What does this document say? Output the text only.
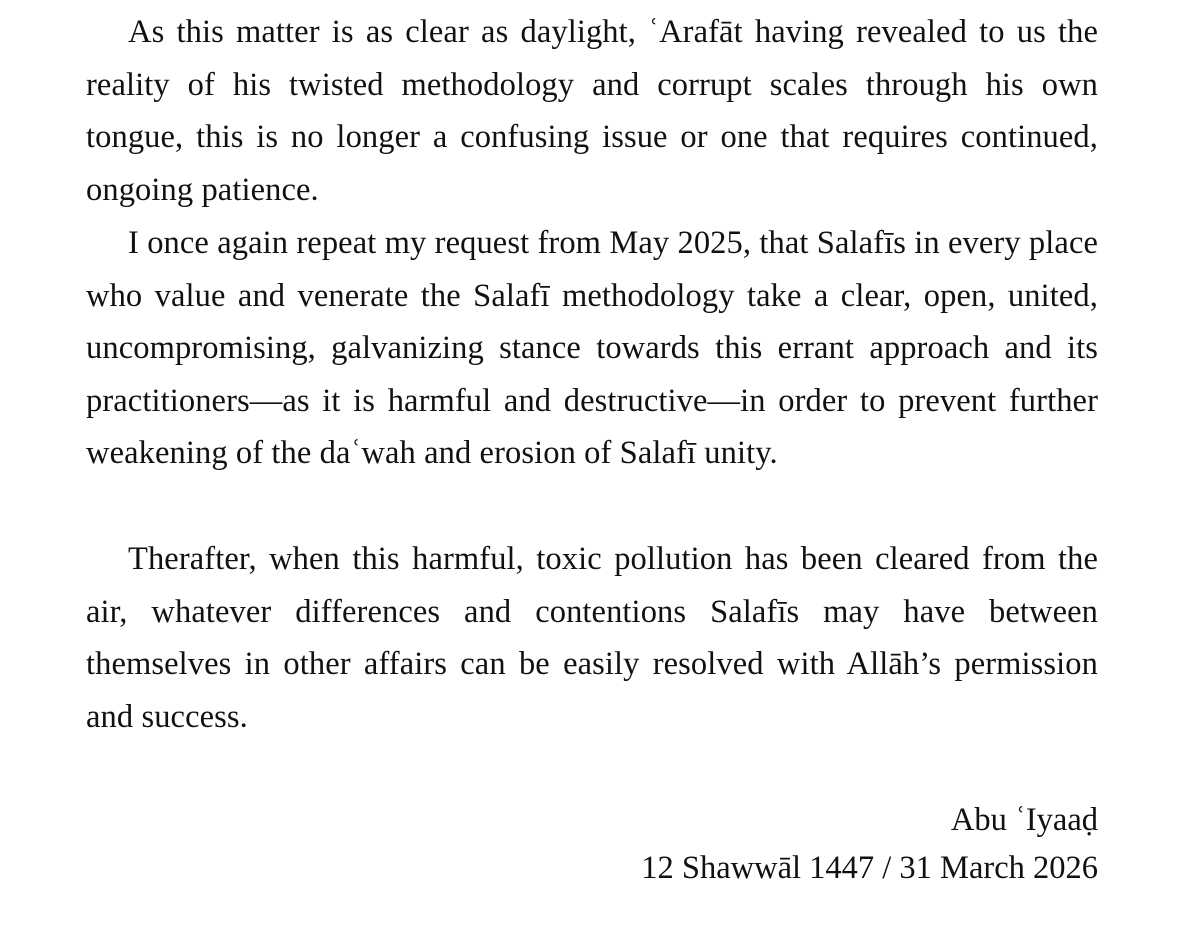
As this matter is as clear as daylight, ʿArafāt having revealed to us the reality of his twisted methodology and corrupt scales through his own tongue, this is no longer a confusing issue or one that requires continued, ongoing patience.

I once again repeat my request from May 2025, that Salafīs in every place who value and venerate the Salafī methodology take a clear, open, united, uncompromising, galvanizing stance towards this errant approach and its practitioners—as it is harmful and destructive—in order to prevent further weakening of the daʿwah and erosion of Salafī unity.

Therafter, when this harmful, toxic pollution has been cleared from the air, whatever differences and contentions Salafīs may have between themselves in other affairs can be easily resolved with Allāh’s permission and success.

Abu ʿIyaaḍ
12 Shawwāl 1447 / 31 March 2026
